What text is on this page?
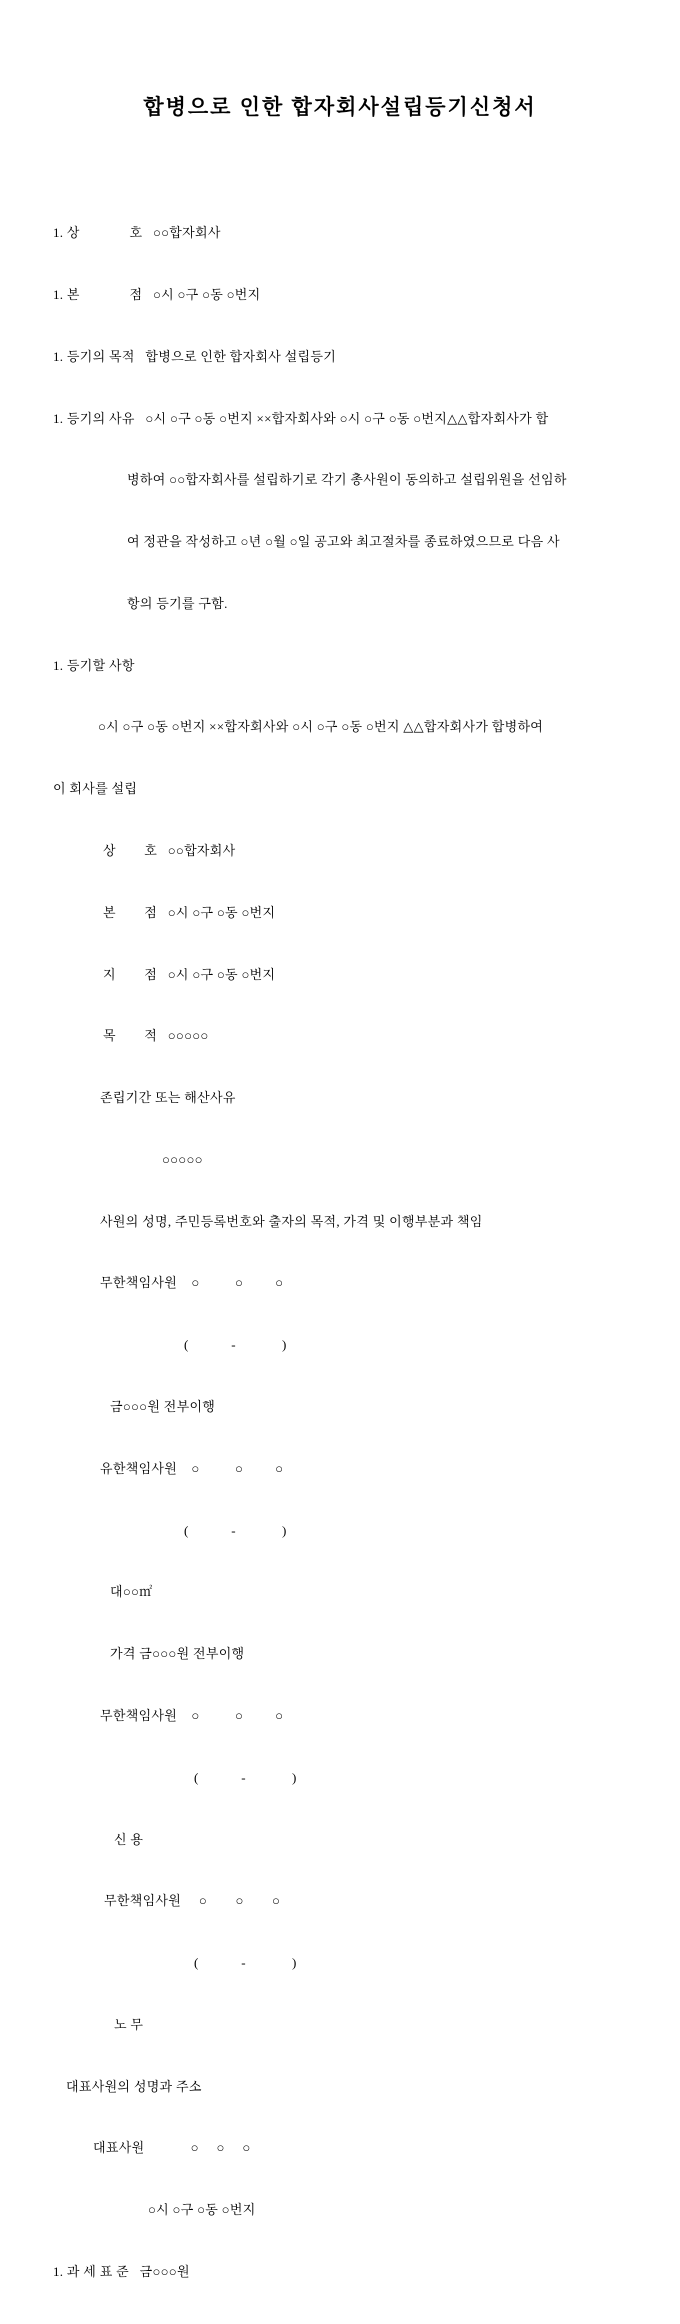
합병으로 인한 합자회사설립등기신청서

1. 상              호   ○○합자회사

1. 본              점   ○시 ○구 ○동 ○번지

1. 등기의 목적   합병으로 인한 합자회사 설립등기

1. 등기의 사유   ○시 ○구 ○동 ○번지 ××합자회사와 ○시 ○구 ○동 ○번지△△합자회사가 합

병하여 ○○합자회사를 설립하기로 각기 총사원이 동의하고 설립위원을 선임하

여 정관을 작성하고 ○년 ○월 ○일 공고와 최고절차를 종료하였으므로 다음 사

항의 등기를 구함.

1. 등기할 사항

○시 ○구 ○동 ○번지 ××합자회사와 ○시 ○구 ○동 ○번지 △△합자회사가 합병하여

이 회사를 설립

상        호   ○○합자회사

본        점   ○시 ○구 ○동 ○번지

지        점   ○시 ○구 ○동 ○번지

목        적   ○○○○○

존립기간 또는 해산사유

○○○○○

사원의 성명, 주민등록번호와 출자의 목적, 가격 및 이행부분과 책임

무한책임사원    ○          ○         ○

(            -             )

금○○○원 전부이행

유한책임사원    ○          ○         ○

(            -             )

대○○㎡

가격 금○○○원 전부이행

무한책임사원    ○          ○         ○

(            -             )

신 용

무한책임사원     ○        ○        ○

(            -             )

노 무

대표사원의 성명과 주소

대표사원             ○     ○     ○

○시 ○구 ○동 ○번지

1. 과 세 표 준   금○○○원
